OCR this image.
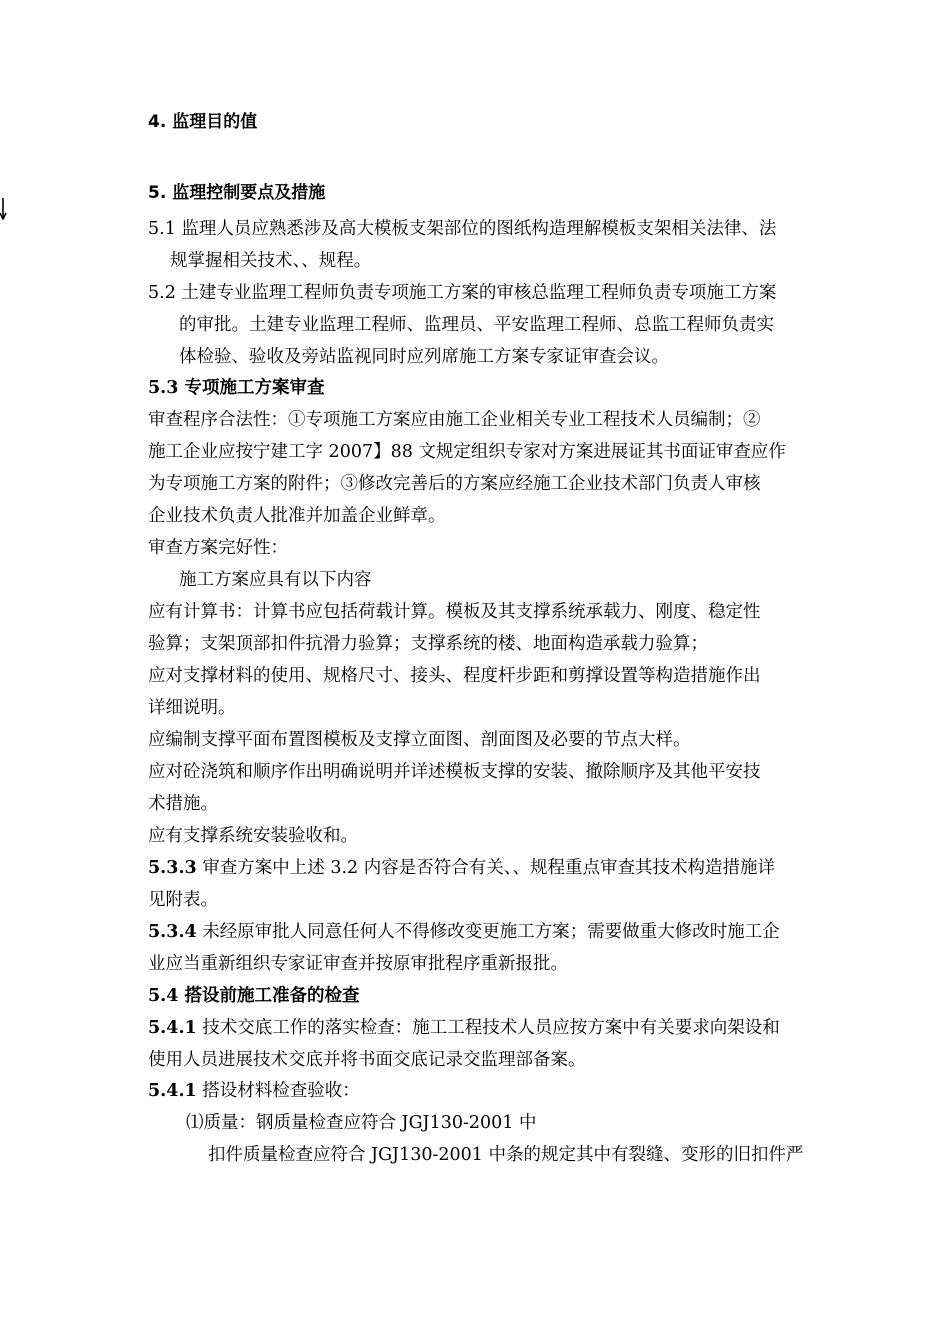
4. 监理目的值
5. 监理控制要点及措施
5.1 监理人员应熟悉涉及高大模板支架部位的图纸构造理解模板支架相关法律、法
规掌握相关技术、、规程。
5.2 土建专业监理工程师负责专项施工方案的审核总监理工程师负责专项施工方案
的审批。土建专业监理工程师、监理员、平安监理工程师、总监工程师负责实
体检验、验收及旁站监视同时应列席施工方案专家证审查会议。
5.3 专项施工方案审查
审查程序合法性：①专项施工方案应由施工企业相关专业工程技术人员编制；②
施工企业应按宁建工字 2007】88 文规定组织专家对方案进展证其书面证审查应作
为专项施工方案的附件；③修改完善后的方案应经施工企业技术部门负责人审核
企业技术负责人批准并加盖企业鲜章。
审查方案完好性：
施工方案应具有以下内容
应有计算书：计算书应包括荷载计算。模板及其支撑系统承载力、刚度、稳定性
验算；支架顶部扣件抗滑力验算；支撑系统的楼、地面构造承载力验算；
应对支撑材料的使用、规格尺寸、接头、程度杆步距和剪撑设置等构造措施作出
详细说明。
应编制支撑平面布置图模板及支撑立面图、剖面图及必要的节点大样。
应对砼浇筑和顺序作出明确说明并详述模板支撑的安装、撤除顺序及其他平安技
术措施。
应有支撑系统安装验收和。
5.3.3 审查方案中上述 3.2 内容是否符合有关、、规程重点审查其技术构造措施详
见附表。
5.3.4 未经原审批人同意任何人不得修改变更施工方案；需要做重大修改时施工企
业应当重新组织专家证审查并按原审批程序重新报批。
5.4 搭设前施工准备的检查
5.4.1 技术交底工作的落实检查：施工工程技术人员应按方案中有关要求向架设和
使用人员进展技术交底并将书面交底记录交监理部备案。
5.4.1 搭设材料检查验收：
⑴质量：钢质量检查应符合 JGJ130-2001 中
扣件质量检查应符合 JGJ130-2001 中条的规定其中有裂缝、变形的旧扣件严
